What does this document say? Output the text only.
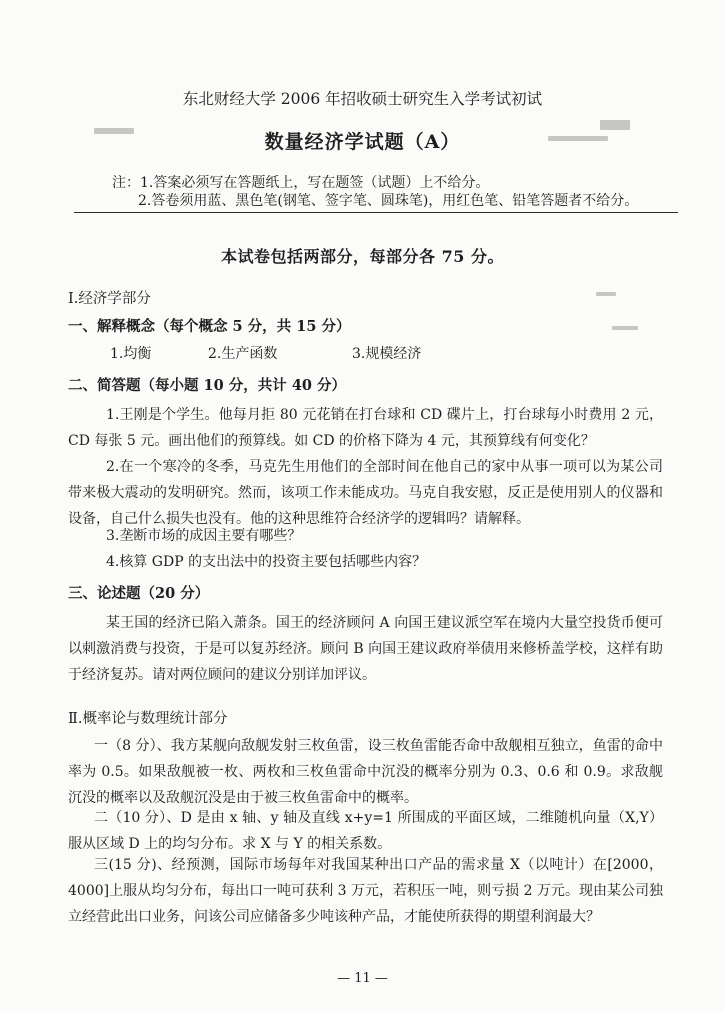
东北财经大学 2006 年招收硕士研究生入学考试初试
数量经济学试题（A）
注：1.答案必须写在答题纸上，写在题签（试题）上不给分。
2.答卷须用蓝、黑色笔(钢笔、签字笔、圆珠笔)，用红色笔、铅笔答题者不给分。
本试卷包括两部分，每部分各 75 分。
Ⅰ.经济学部分
一、解释概念（每个概念 5 分，共 15 分）
1.均衡	2.生产函数	3.规模经济
二、简答题（每小题 10 分，共计 40 分）
1.王刚是个学生。他每月拒 80 元花销在打台球和 CD 碟片上，打台球每小时费用 2 元，CD 每张 5 元。画出他们的预算线。如 CD 的价格下降为 4 元，其预算线有何变化？
2.在一个寒冷的冬季，马克先生用他们的全部时间在他自己的家中从事一项可以为某公司带来极大震动的发明研究。然而，该项工作未能成功。马克自我安慰，反正是使用别人的仪器和设备，自己什么损失也没有。他的这种思维符合经济学的逻辑吗？请解释。
3.垄断市场的成因主要有哪些？
4.核算 GDP 的支出法中的投资主要包括哪些内容？
三、论述题（20 分）
某王国的经济已陷入萧条。国王的经济顾问 A 向国王建议派空军在境内大量空投货币便可以刺激消费与投资，于是可以复苏经济。顾问 B 向国王建议政府举债用来修桥盖学校，这样有助于经济复苏。请对两位顾问的建议分别详加评议。
Ⅱ.概率论与数理统计部分
一（8 分）、我方某舰向敌舰发射三枚鱼雷，设三枚鱼雷能否命中敌舰相互独立，鱼雷的命中率为 0.5。如果敌舰被一枚、两枚和三枚鱼雷命中沉没的概率分别为 0.3、0.6 和 0.9。求敌舰沉没的概率以及敌舰沉没是由于被三枚鱼雷命中的概率。
二（10 分）、D 是由 x 轴、y 轴及直线 x+y=1 所围成的平面区域，二维随机向量（X,Y）服从区域 D 上的均匀分布。求 X 与 Y 的相关系数。
三(15 分)、经预测，国际市场每年对我国某种出口产品的需求量 X（以吨计）在[2000，4000]上服从均匀分布，每出口一吨可获利 3 万元，若积压一吨，则亏损 2 万元。现由某公司独立经营此出口业务，问该公司应储备多少吨该种产品，才能使所获得的期望利润最大？
— 11 —
